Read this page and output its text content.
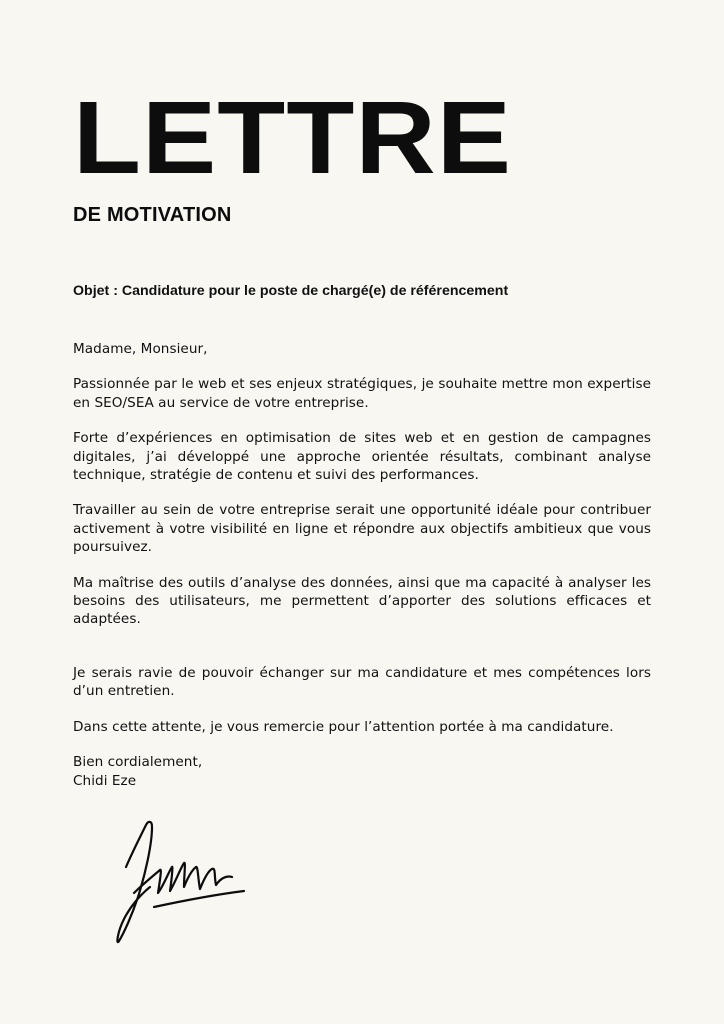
LETTRE
DE MOTIVATION

Objet : Candidature pour le poste de chargé(e) de référencement

Madame, Monsieur,

Passionnée par le web et ses enjeux stratégiques, je souhaite mettre mon expertise en SEO/SEA au service de votre entreprise.

Forte d’expériences en optimisation de sites web et en gestion de campagnes digitales, j’ai développé une approche orientée résultats, combinant analyse technique, stratégie de contenu et suivi des performances.

Travailler au sein de votre entreprise serait une opportunité idéale pour contribuer activement à votre visibilité en ligne et répondre aux objectifs ambitieux que vous poursuivez.

Ma maîtrise des outils d’analyse des données, ainsi que ma capacité à analyser les besoins des utilisateurs, me permettent d’apporter des solutions efficaces et adaptées.

Je serais ravie de pouvoir échanger sur ma candidature et mes compétences lors d’un entretien.

Dans cette attente, je vous remercie pour l’attention portée à ma candidature.

Bien cordialement,

Chidi Eze
